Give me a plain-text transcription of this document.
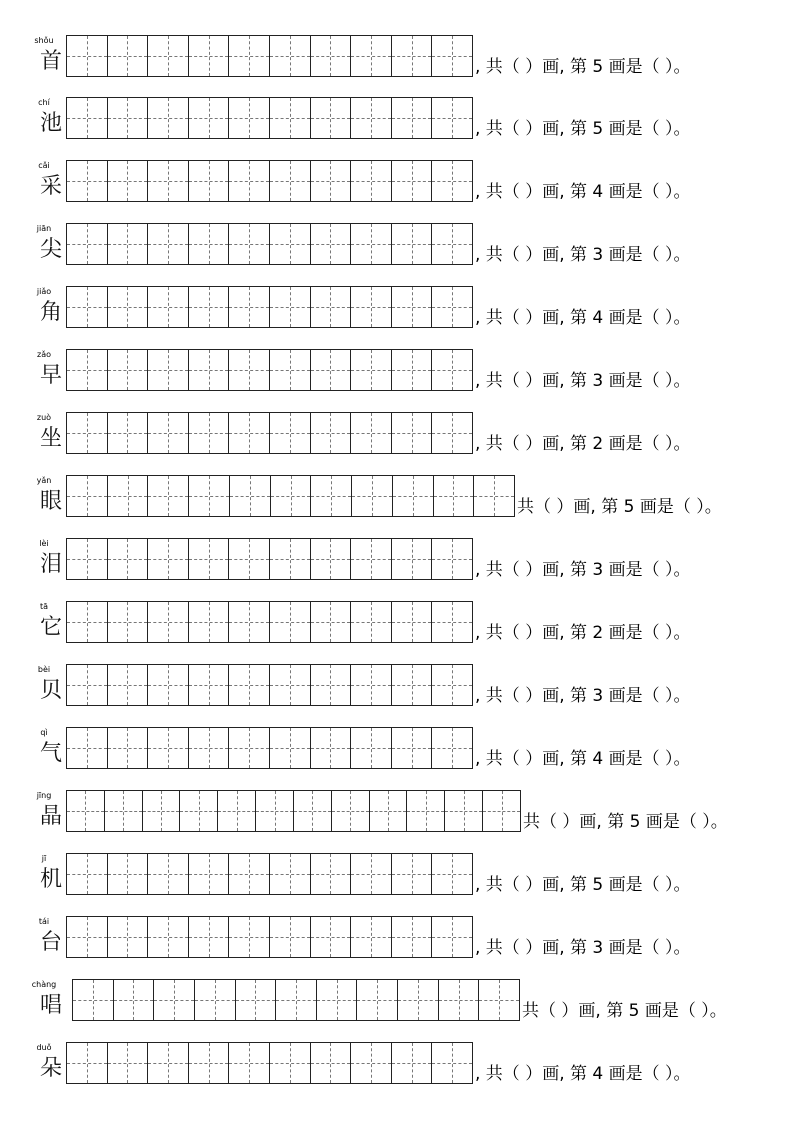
shǒu
首	, 共（ ）画, 第 5 画是（ ）。
chí
池	, 共（ ）画, 第 5 画是（ ）。
cǎi
采	, 共（ ）画, 第 4 画是（ ）。
jiān
尖	, 共（ ）画, 第 3 画是（ ）。
jiǎo
角	, 共（ ）画, 第 4 画是（ ）。
zǎo
早	, 共（ ）画, 第 3 画是（ ）。
zuò
坐	, 共（ ）画, 第 2 画是（ ）。
yǎn
眼	共（ ）画, 第 5 画是（ ）。
lèi
泪	, 共（ ）画, 第 3 画是（ ）。
tā
它	, 共（ ）画, 第 2 画是（ ）。
bèi
贝	, 共（ ）画, 第 3 画是（ ）。
qì
气	, 共（ ）画, 第 4 画是（ ）。
jīng
晶	共（ ）画, 第 5 画是（ ）。
jī
机	, 共（ ）画, 第 5 画是（ ）。
tái
台	, 共（ ）画, 第 3 画是（ ）。
chàng
唱	共（ ）画, 第 5 画是（ ）。
duǒ
朵	, 共（ ）画, 第 4 画是（ ）。
